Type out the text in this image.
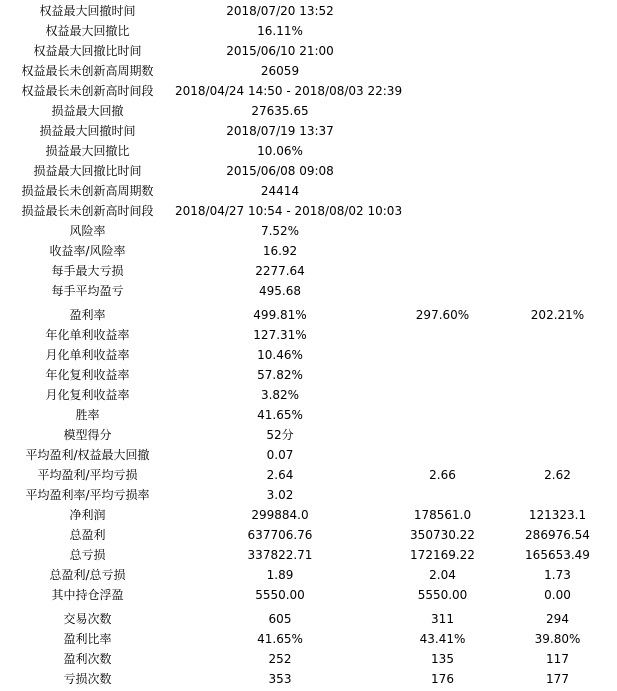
权益最大回撤时间	2018/07/20 13:52
权益最大回撤比	16.11%
权益最大回撤比时间	2015/06/10 21:00
权益最长未创新高周期数	26059
权益最长未创新高时间段	2018/04/24 14:50 - 2018/08/03 22:39
损益最大回撤	27635.65
损益最大回撤时间	2018/07/19 13:37
损益最大回撤比	10.06%
损益最大回撤比时间	2015/06/08 09:08
损益最长未创新高周期数	24414
损益最长未创新高时间段	2018/04/27 10:54 - 2018/08/02 10:03
风险率	7.52%
收益率/风险率	16.92
每手最大亏损	2277.64
每手平均盈亏	495.68
盈利率	499.81%	297.60%	202.21%
年化单利收益率	127.31%
月化单利收益率	10.46%
年化复利收益率	57.82%
月化复利收益率	3.82%
胜率	41.65%
模型得分	52分
平均盈利/权益最大回撤	0.07
平均盈利/平均亏损	2.64	2.66	2.62
平均盈利率/平均亏损率	3.02
净利润	299884.0	178561.0	121323.1
总盈利	637706.76	350730.22	286976.54
总亏损	337822.71	172169.22	165653.49
总盈利/总亏损	1.89	2.04	1.73
其中持仓浮盈	5550.00	5550.00	0.00
交易次数	605	311	294
盈利比率	41.65%	43.41%	39.80%
盈利次数	252	135	117
亏损次数	353	176	177
